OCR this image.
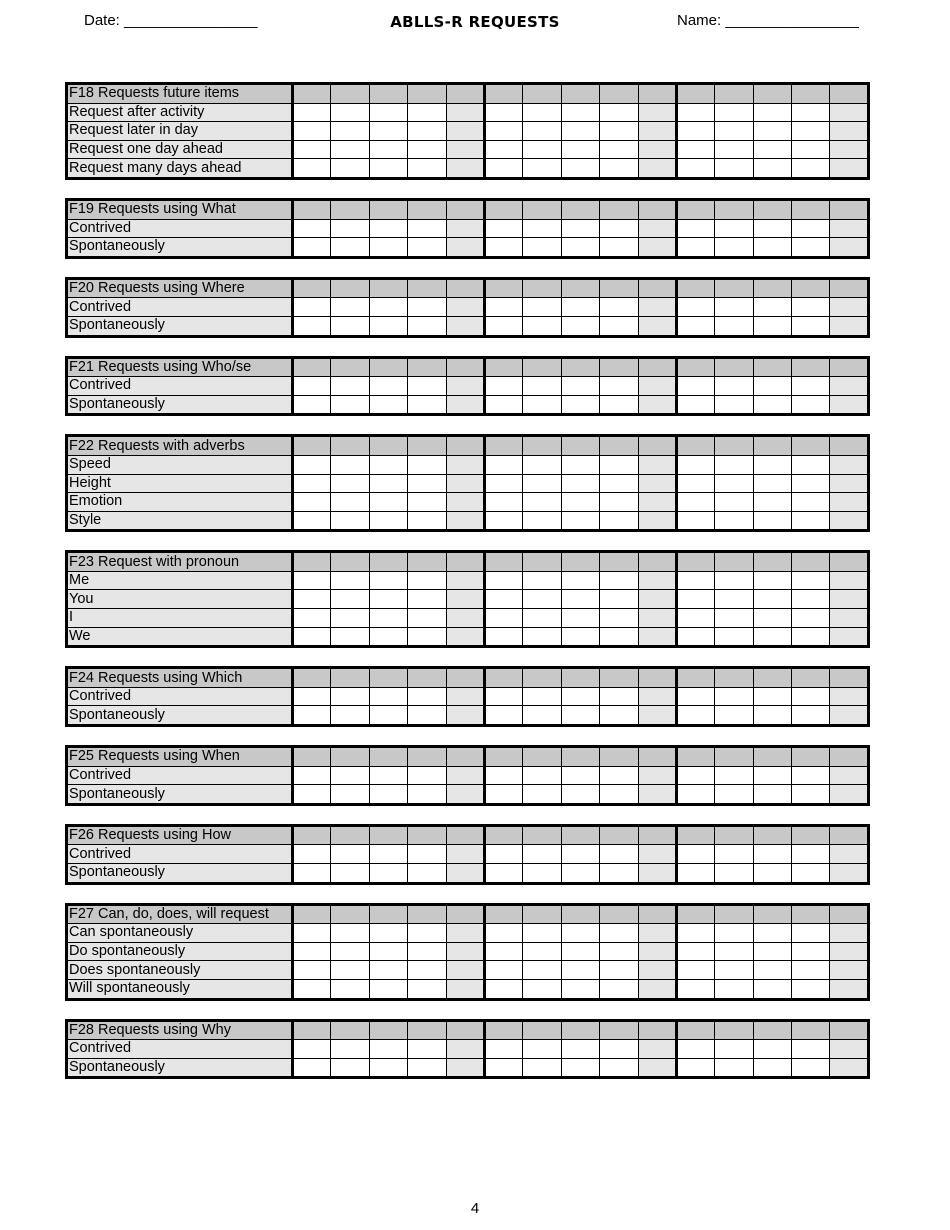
Date: ________________	ABLLS-R REQUESTS	Name: ________________
F18 Requests future items															
Request after activity															
Request later in day															
Request one day ahead															
Request many days ahead															
F19 Requests using What															
Contrived															
Spontaneously															
F20 Requests using Where															
Contrived															
Spontaneously															
F21 Requests using Who/se															
Contrived															
Spontaneously															
F22 Requests with adverbs															
Speed															
Height															
Emotion															
Style															
F23 Request with pronoun															
Me															
You															
I															
We															
F24 Requests using Which															
Contrived															
Spontaneously															
F25 Requests using When															
Contrived															
Spontaneously															
F26 Requests using How															
Contrived															
Spontaneously															
F27 Can, do, does, will request															
Can spontaneously															
Do spontaneously															
Does spontaneously															
Will spontaneously															
F28 Requests using Why															
Contrived															
Spontaneously															
4
